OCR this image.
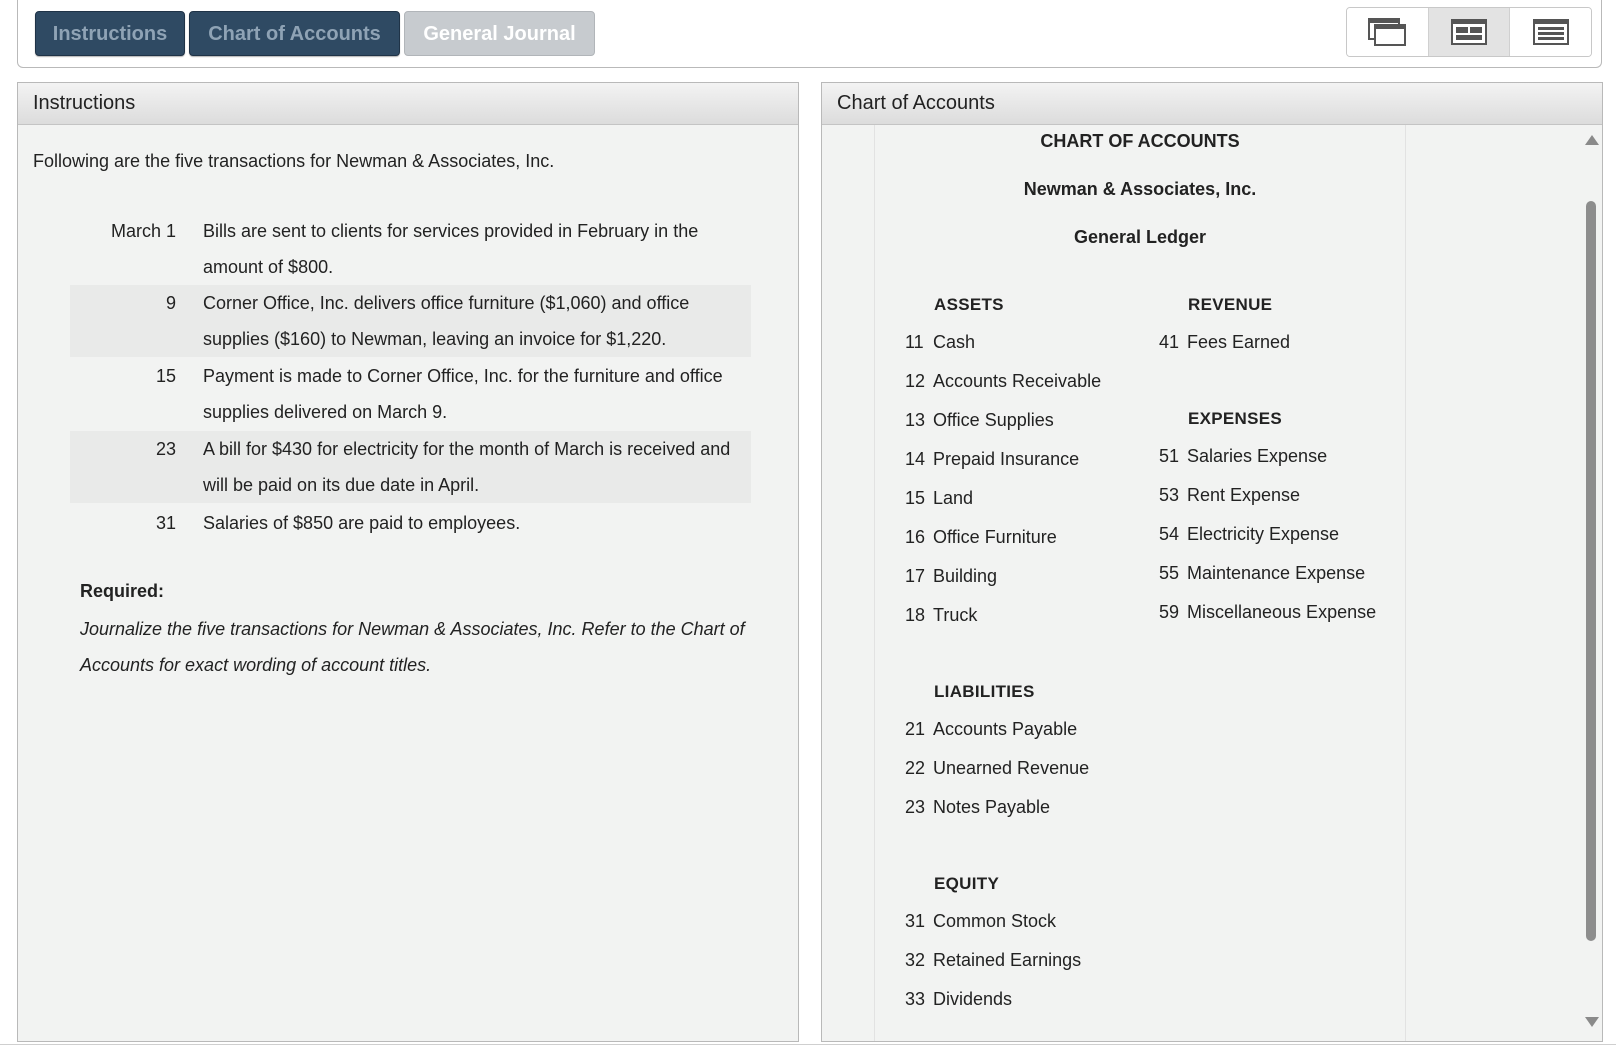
Instructions	Chart of Accounts	General Journal
Instructions
Following are the five transactions for Newman & Associates, Inc.
March 1 Bills are sent to clients for services provided in February in the amount of $800.
9 Corner Office, Inc. delivers office furniture ($1,060) and office supplies ($160) to Newman, leaving an invoice for $1,220.
15 Payment is made to Corner Office, Inc. for the furniture and office supplies delivered on March 9.
23 A bill for $430 for electricity for the month of March is received and will be paid on its due date in April.
31 Salaries of $850 are paid to employees.
Required:
Journalize the five transactions for Newman & Associates, Inc. Refer to the Chart of Accounts for exact wording of account titles.
Chart of Accounts
CHART OF ACCOUNTS
Newman & Associates, Inc.
General Ledger
ASSETS
11 Cash
12 Accounts Receivable
13 Office Supplies
14 Prepaid Insurance
15 Land
16 Office Furniture
17 Building
18 Truck
LIABILITIES
21 Accounts Payable
22 Unearned Revenue
23 Notes Payable
EQUITY
31 Common Stock
32 Retained Earnings
33 Dividends
REVENUE
41 Fees Earned
EXPENSES
51 Salaries Expense
53 Rent Expense
54 Electricity Expense
55 Maintenance Expense
59 Miscellaneous Expense
